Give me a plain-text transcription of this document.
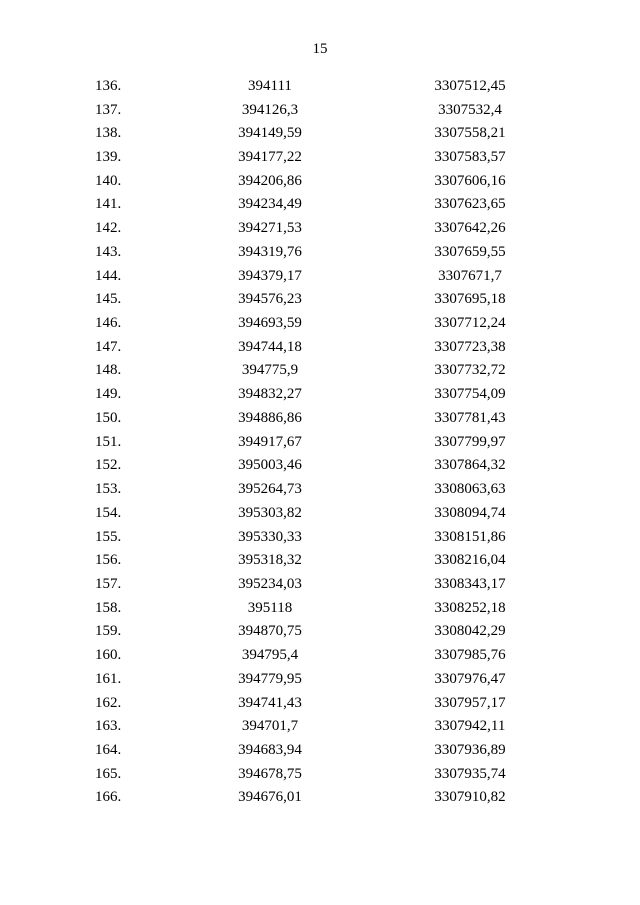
15
	136.	394111		3307512,45	
	137.	394126,3		3307532,4	
	138.	394149,59		3307558,21	
	139.	394177,22		3307583,57	
	140.	394206,86		3307606,16	
	141.	394234,49		3307623,65	
	142.	394271,53		3307642,26	
	143.	394319,76		3307659,55	
	144.	394379,17		3307671,7	
	145.	394576,23		3307695,18	
	146.	394693,59		3307712,24	
	147.	394744,18		3307723,38	
	148.	394775,9		3307732,72	
	149.	394832,27		3307754,09	
	150.	394886,86		3307781,43	
	151.	394917,67		3307799,97	
	152.	395003,46		3307864,32	
	153.	395264,73		3308063,63	
	154.	395303,82		3308094,74	
	155.	395330,33		3308151,86	
	156.	395318,32		3308216,04	
	157.	395234,03		3308343,17	
	158.	395118		3308252,18	
	159.	394870,75		3308042,29	
	160.	394795,4		3307985,76	
	161.	394779,95		3307976,47	
	162.	394741,43		3307957,17	
	163.	394701,7		3307942,11	
	164.	394683,94		3307936,89	
	165.	394678,75		3307935,74	
	166.	394676,01		3307910,82	
